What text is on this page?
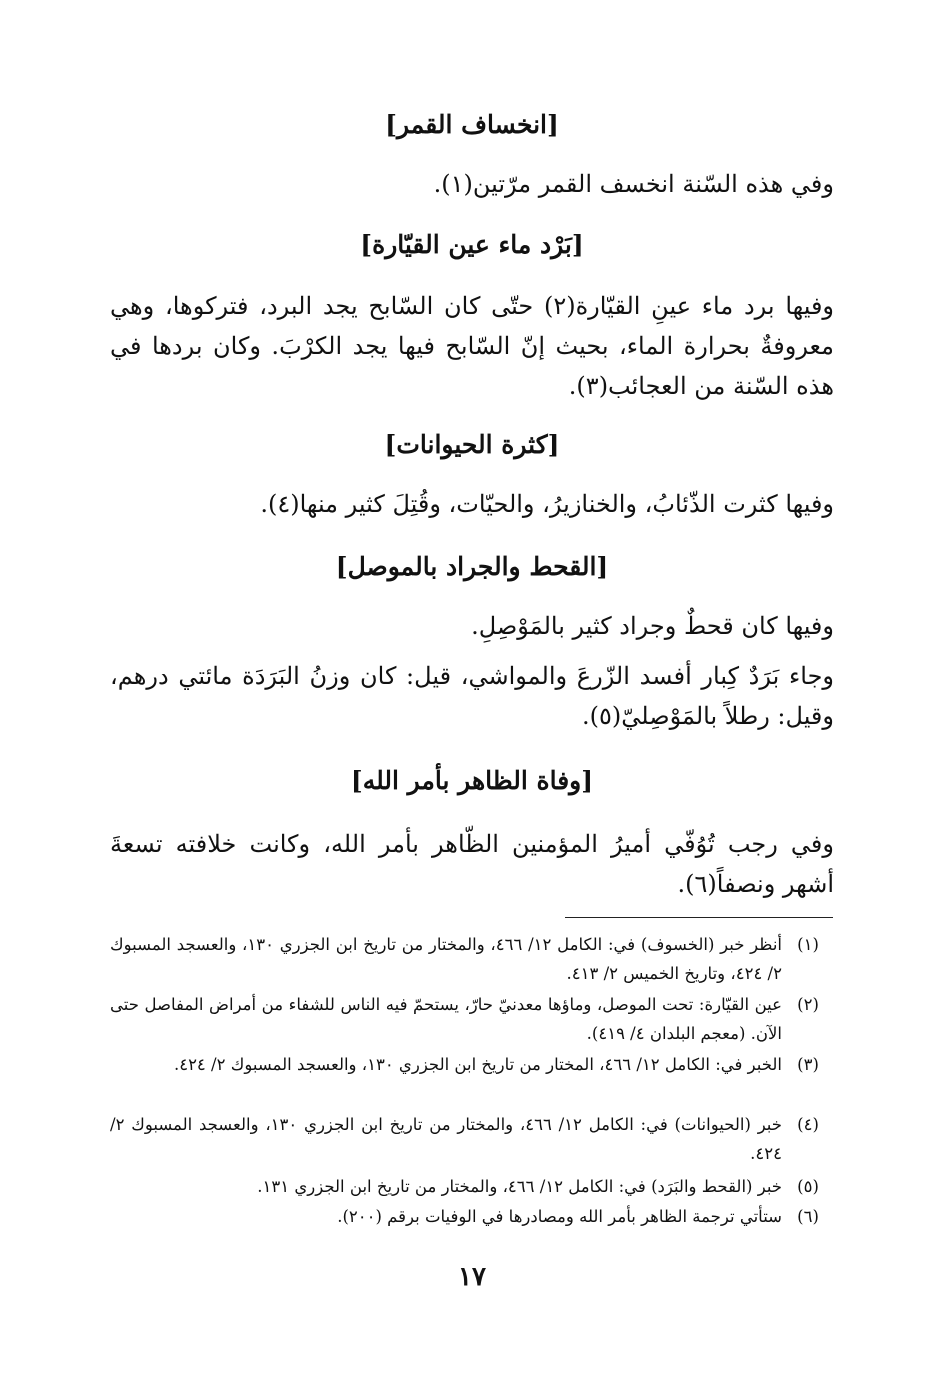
[انخساف القمر]

وفي هذه السّنة انخسف القمر مرّتين(١).

[بَرْد ماء عين القيّارة]

وفيها برد ماء عينِ القيّارة(٢) حتّى كان السّابح يجد البرد، فتركوها، وهي معروفةٌ بحرارة الماء، بحيث إنّ السّابح فيها يجد الكرْبَ. وكان بردها في هذه السّنة من العجائب(٣).

[كثرة الحيوانات]

وفيها كثرت الذّئابُ، والخنازيرُ، والحيّات، وقُتِلَ كثير منها(٤).

[القحط والجراد بالموصل]

وفيها كان قحطٌ وجراد كثير بالمَوْصِلِ.

وجاء بَرَدٌ كِبار أفسد الزّرعَ والمواشي، قيل: كان وزنُ البَرَدَة مائتي درهم، وقيل: رطلاً بالمَوْصِليّ(٥).

[وفاة الظاهر بأمر الله]

وفي رجب تُوُفّي أميرُ المؤمنين الظّاهر بأمر الله، وكانت خلافته تسعةَ أشهر ونصفاً(٦).

(١)
أنظر خبر (الخسوف) في: الكامل ١٢/ ٤٦٦، والمختار من تاريخ ابن الجزري ١٣٠، والعسجد المسبوك ٢/ ٤٢٤، وتاريخ الخميس ٢/ ٤١٣.
(٢)
عين القيّارة: تحت الموصل، وماؤها معدنيّ حارّ، يستحمّ فيه الناس للشفاء من أمراض المفاصل حتى الآن. (معجم البلدان ٤/ ٤١٩).
(٣)
الخبر في: الكامل ١٢/ ٤٦٦، المختار من تاريخ ابن الجزري ١٣٠، والعسجد المسبوك ٢/ ٤٢٤.
(٤)
خبر (الحيوانات) في: الكامل ١٢/ ٤٦٦، والمختار من تاريخ ابن الجزري ١٣٠، والعسجد المسبوك ٢/ ٤٢٤.
(٥)
خبر (القحط والبَرَد) في: الكامل ١٢/ ٤٦٦، والمختار من تاريخ ابن الجزري ١٣١.
(٦)
ستأتي ترجمة الظاهر بأمر الله ومصادرها في الوفيات برقم (٢٠٠).
١٧
